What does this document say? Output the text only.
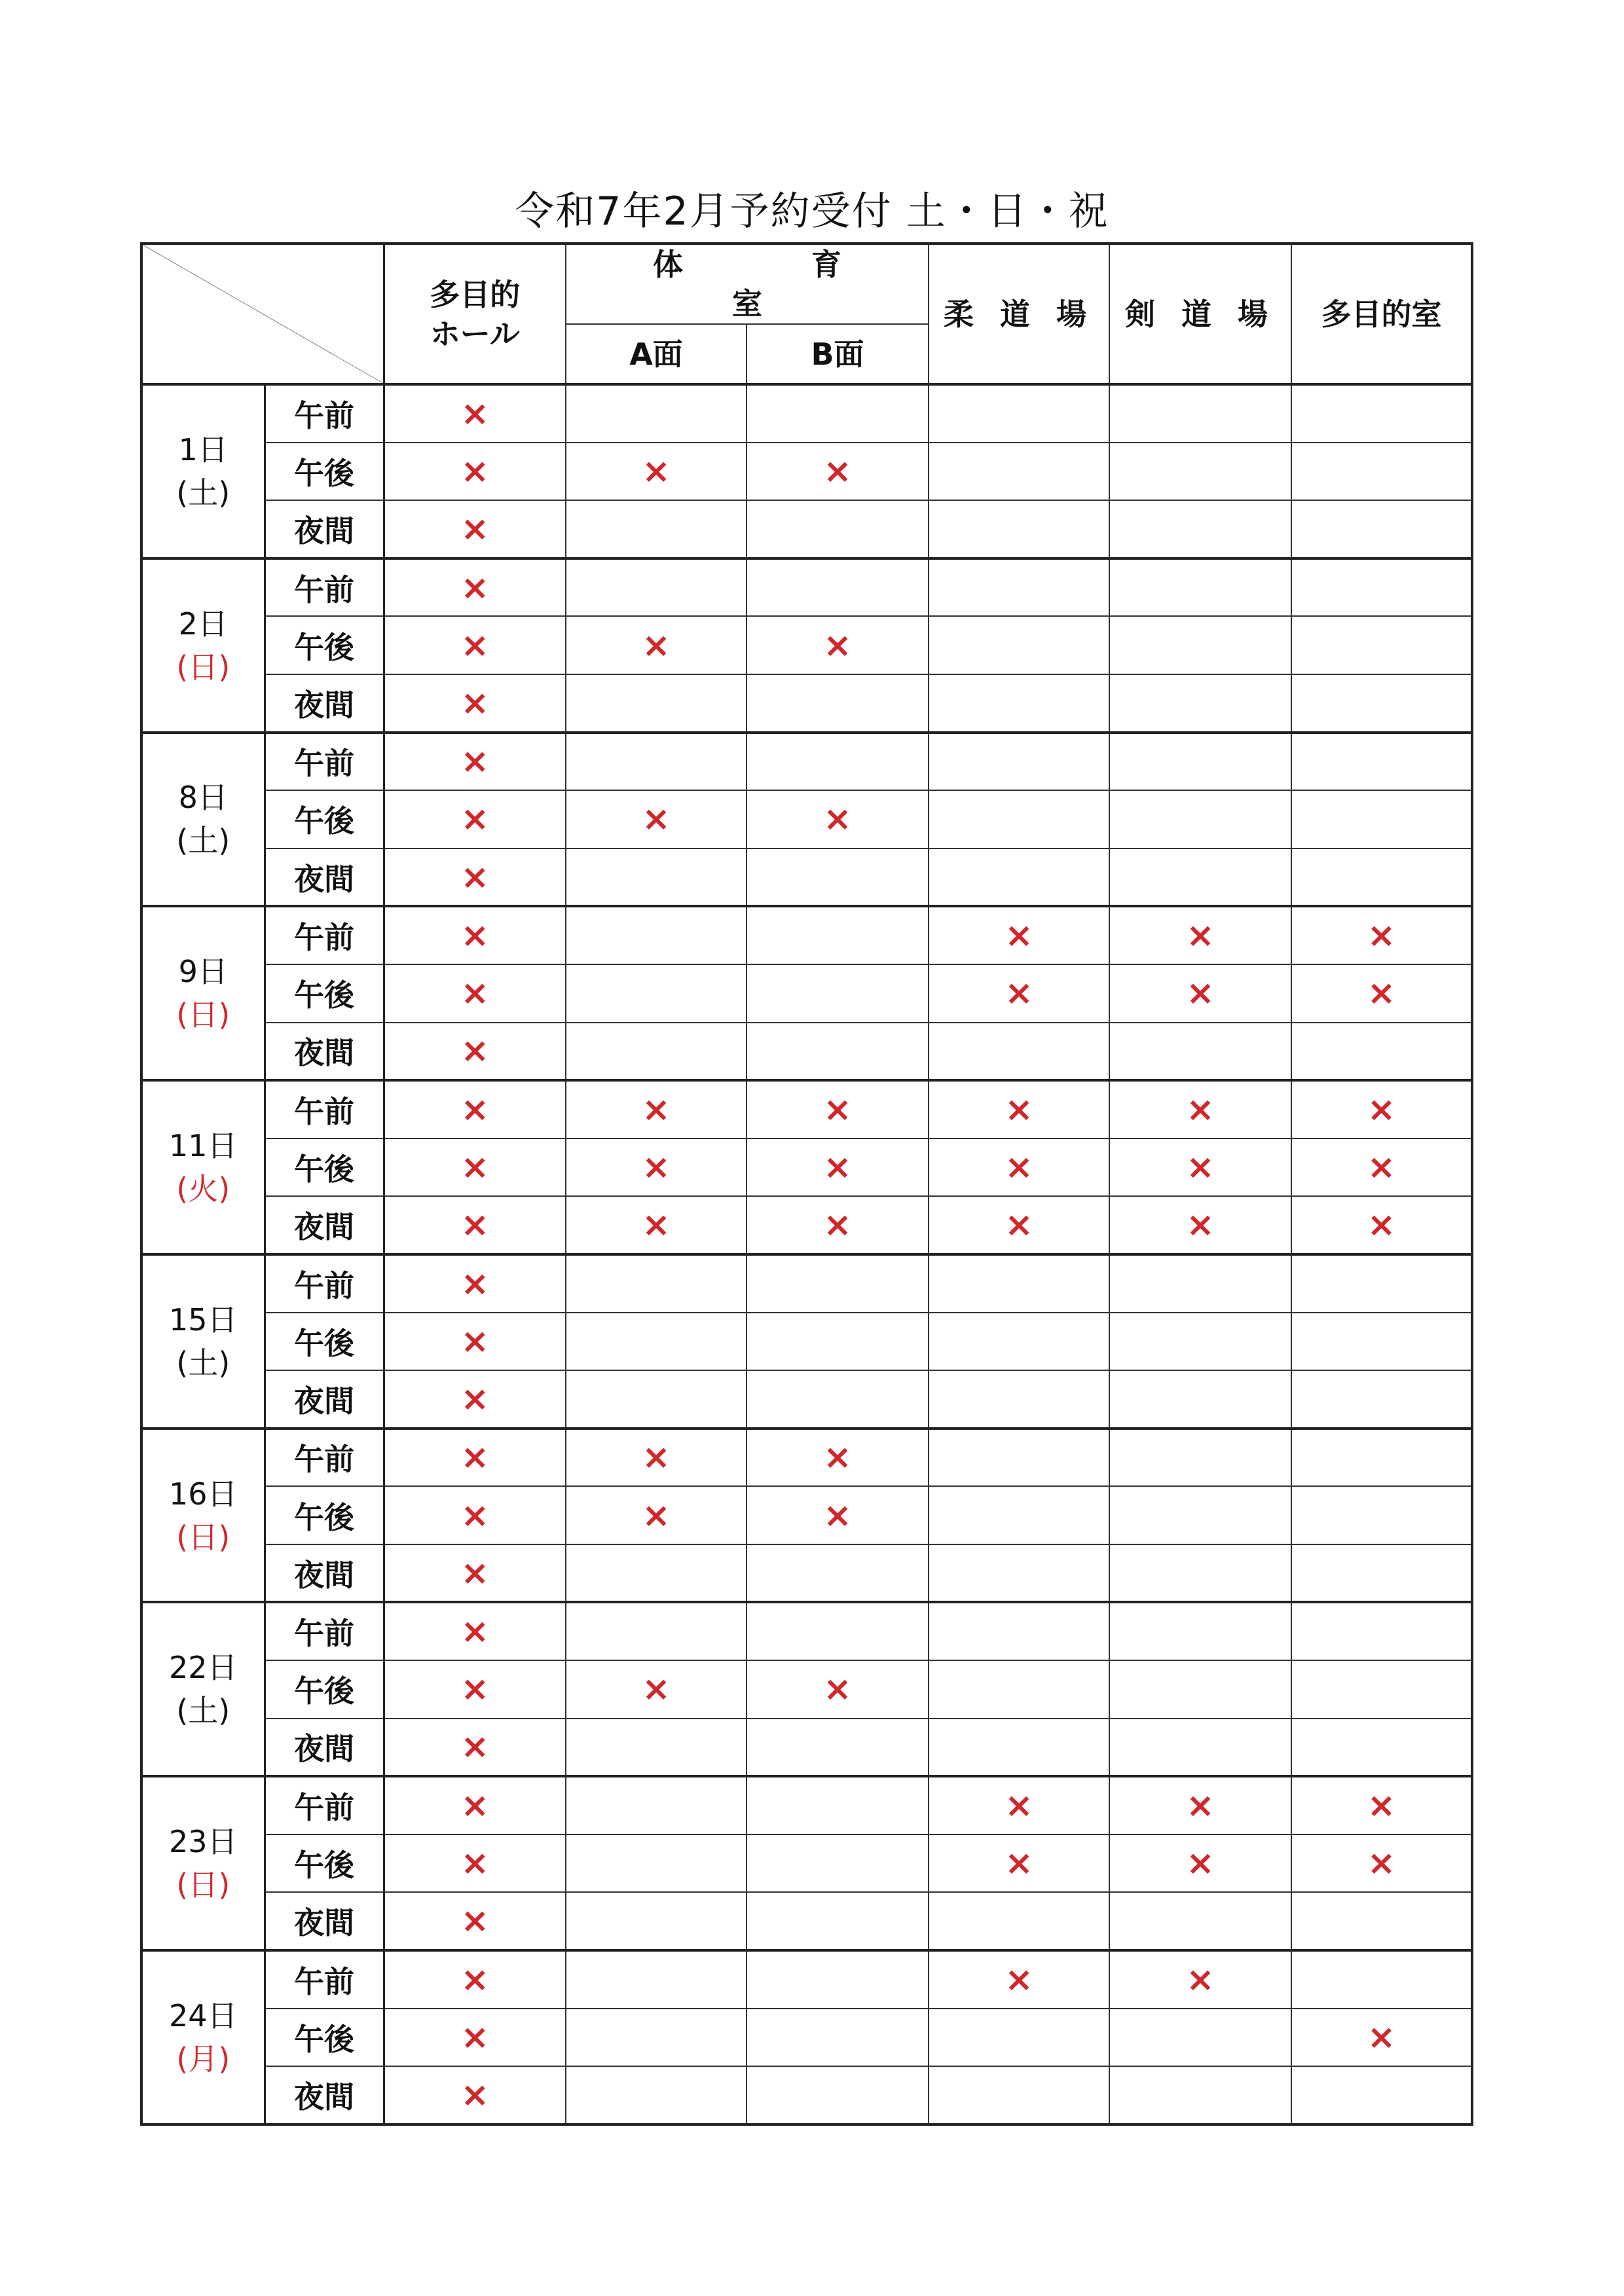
令和7年2月予約受付 土・日・祝
	多目的
ホール	体 育 室		柔 道 場	剣 道 場	多目的室
			A面	B面			

1日
(土)	午前	×					
	午後	×	×	×			
	夜間	×					

2日
(日)	午前	×					
	午後	×	×	×			
	夜間	×					

8日
(土)	午前	×					
	午後	×	×	×			
	夜間	×					

9日
(日)	午前	×			×	×	×
	午後	×			×	×	×
	夜間	×					

11日
(火)	午前	×	×	×	×	×	×
	午後	×	×	×	×	×	×
	夜間	×	×	×	×	×	×

15日
(土)	午前	×					
	午後	×					
	夜間	×					

16日
(日)	午前	×	×	×			
	午後	×	×	×			
	夜間	×					

22日
(土)	午前	×					
	午後	×	×	×			
	夜間	×					

23日
(日)	午前	×			×	×	×
	午後	×			×	×	×
	夜間	×					

24日
(月)	午前	×			×	×	
	午後	×					×
	夜間	×					
